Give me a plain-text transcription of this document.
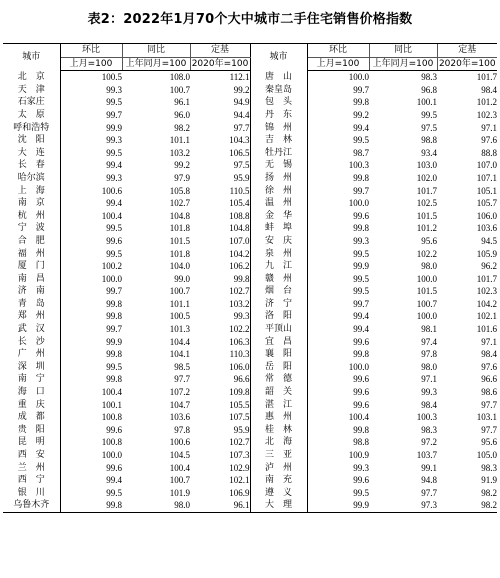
表2：2022年1月70个大中城市二手住宅销售价格指数
城市	环比	同比	定基	城市	环比	同比	定基
	上月=100	上年同月=100	2020年=100		上月=100	上年同月=100	2020年=100
北　京	100.5	108.0	112.1	唐　山	100.0	98.3	101.7
天　津	99.3	100.7	99.2	秦皇岛	99.7	96.8	98.4
石家庄	99.5	96.1	94.9	包　头	99.8	100.1	101.2
太　原	99.7	96.0	94.4	丹　东	99.2	99.5	102.3
呼和浩特	99.9	98.2	97.7	锦　州	99.4	97.5	97.1
沈　阳	99.3	101.1	104.3	吉　林	99.5	98.8	97.6
大　连	99.5	103.2	106.5	牡丹江	98.7	93.4	88.8
长　春	99.4	99.2	97.5	无　锡	100.3	103.0	107.0
哈尔滨	99.3	97.9	95.9	扬　州	99.8	102.0	107.1
上　海	100.6	105.8	110.5	徐　州	99.7	101.7	105.1
南　京	99.4	102.7	105.4	温　州	100.0	102.5	105.7
杭　州	100.4	104.8	108.8	金　华	99.6	101.5	106.0
宁　波	99.5	101.8	104.8	蚌　埠	99.8	101.2	103.6
合　肥	99.6	101.5	107.0	安　庆	99.3	95.6	94.5
福　州	99.5	101.8	104.2	泉　州	99.5	102.2	105.9
厦　门	100.2	104.0	106.2	九　江	99.9	98.0	96.2
南　昌	100.0	99.0	99.8	赣　州	99.5	100.0	101.7
济　南	99.7	100.7	102.7	烟　台	99.5	101.5	102.3
青　岛	99.8	101.1	103.2	济　宁	99.7	100.7	104.2
郑　州	99.8	100.5	99.3	洛　阳	99.4	100.0	102.1
武　汉	99.7	101.3	102.2	平顶山	99.4	98.1	101.6
长　沙	99.9	104.4	106.3	宜　昌	99.6	97.4	97.1
广　州	99.8	104.1	110.3	襄　阳	99.8	97.8	98.4
深　圳	99.5	98.5	106.0	岳　阳	100.0	98.0	97.6
南　宁	99.8	97.7	96.6	常　德	99.6	97.1	96.6
海　口	100.4	107.2	109.8	韶　关	99.6	99.3	98.6
重　庆	100.1	104.7	105.5	湛　江	99.6	98.4	97.7
成　都	100.8	103.6	107.5	惠　州	100.4	100.3	103.1
贵　阳	99.6	97.8	95.9	桂　林	99.8	98.3	97.7
昆　明	100.8	100.6	102.7	北　海	98.8	97.2	95.6
西　安	100.0	104.5	107.3	三　亚	100.9	103.7	105.0
兰　州	99.6	100.4	102.9	泸　州	99.3	99.1	98.3
西　宁	99.4	100.7	102.1	南　充	99.6	94.8	91.9
银　川	99.5	101.9	106.9	遵　义	99.5	97.7	98.2
乌鲁木齐	99.8	98.0	96.1	大　理	99.9	97.3	98.2
